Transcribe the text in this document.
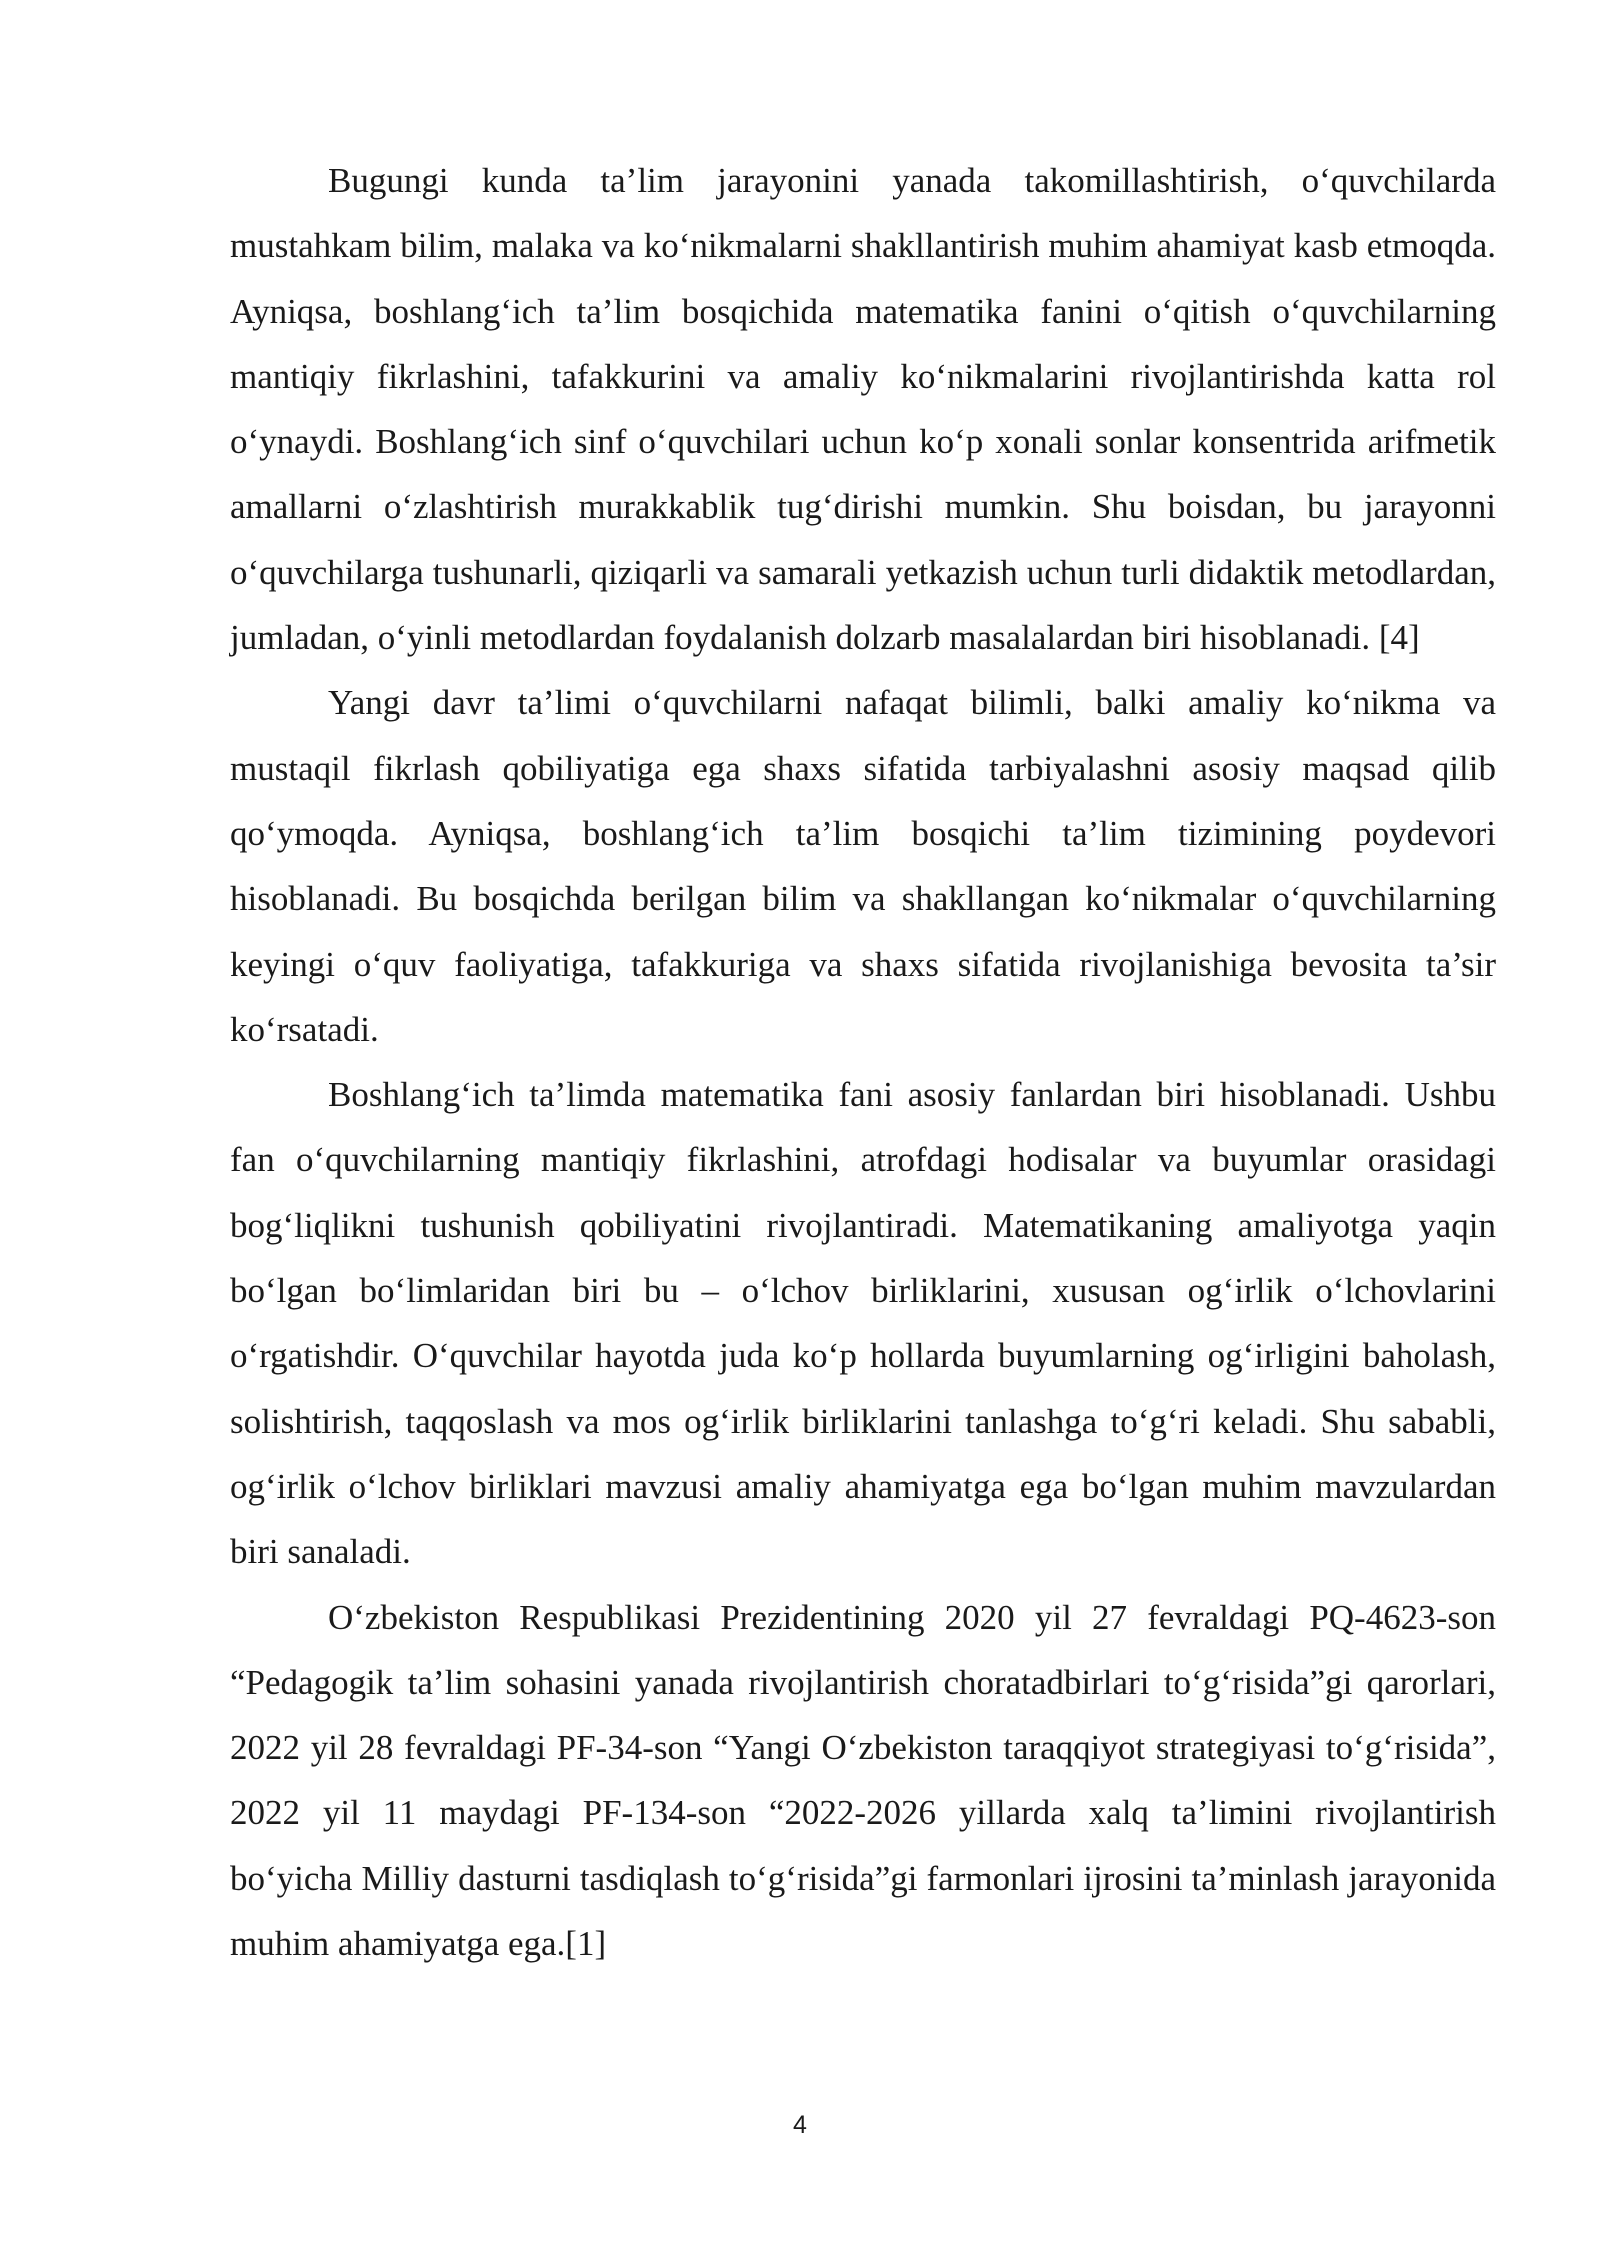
Bugungi kunda ta’lim jarayonini yanada takomillashtirish, o‘quvchilarda mustahkam bilim, malaka va ko‘nikmalarni shakllantirish muhim ahamiyat kasb etmoqda. Ayniqsa, boshlang‘ich ta’lim bosqichida matematika fanini o‘qitish o‘quvchilarning mantiqiy fikrlashini, tafakkurini va amaliy ko‘nikmalarini rivojlantirishda katta rol o‘ynaydi. Boshlang‘ich sinf o‘quvchilari uchun ko‘p xonali sonlar konsentrida arifmetik amallarni o‘zlashtirish murakkablik tug‘dirishi mumkin. Shu boisdan, bu jarayonni o‘quvchilarga tushunarli, qiziqarli va samarali yetkazish uchun turli didaktik metodlardan, jumladan, o‘yinli metodlardan foydalanish dolzarb masalalardan biri hisoblanadi. [4]

Yangi davr ta’limi o‘quvchilarni nafaqat bilimli, balki amaliy ko‘nikma va mustaqil fikrlash qobiliyatiga ega shaxs sifatida tarbiyalashni asosiy maqsad qilib qo‘ymoqda. Ayniqsa, boshlang‘ich ta’lim bosqichi ta’lim tizimining poydevori hisoblanadi. Bu bosqichda berilgan bilim va shakllangan ko‘nikmalar o‘quvchilarning keyingi o‘quv faoliyatiga, tafakkuriga va shaxs sifatida rivojlanishiga bevosita ta’sir ko‘rsatadi.

Boshlang‘ich ta’limda matematika fani asosiy fanlardan biri hisoblanadi. Ushbu fan o‘quvchilarning mantiqiy fikrlashini, atrofdagi hodisalar va buyumlar orasidagi bog‘liqlikni tushunish qobiliyatini rivojlantiradi. Matematikaning amaliyotga yaqin bo‘lgan bo‘limlaridan biri bu – o‘lchov birliklarini, xususan og‘irlik o‘lchovlarini o‘rgatishdir. O‘quvchilar hayotda juda ko‘p hollarda buyumlarning og‘irligini baholash, solishtirish, taqqoslash va mos og‘irlik birliklarini tanlashga to‘g‘ri keladi. Shu sababli, og‘irlik o‘lchov birliklari mavzusi amaliy ahamiyatga ega bo‘lgan muhim mavzulardan biri sanaladi.

O‘zbekiston Respublikasi Prezidentining 2020 yil 27 fevraldagi PQ-4623-son “Pedagogik ta’lim sohasini yanada rivojlantirish choratadbirlari to‘g‘risida”gi qarorlari, 2022 yil 28 fevraldagi PF-34-son “Yangi O‘zbekiston taraqqiyot strategiyasi to‘g‘risida”, 2022 yil 11 maydagi PF-134-son “2022-2026 yillarda xalq ta’limini rivojlantirish bo‘yicha Milliy dasturni tasdiqlash to‘g‘risida”gi farmonlari ijrosini ta’minlash jarayonida muhim ahamiyatga ega.[1]

4
